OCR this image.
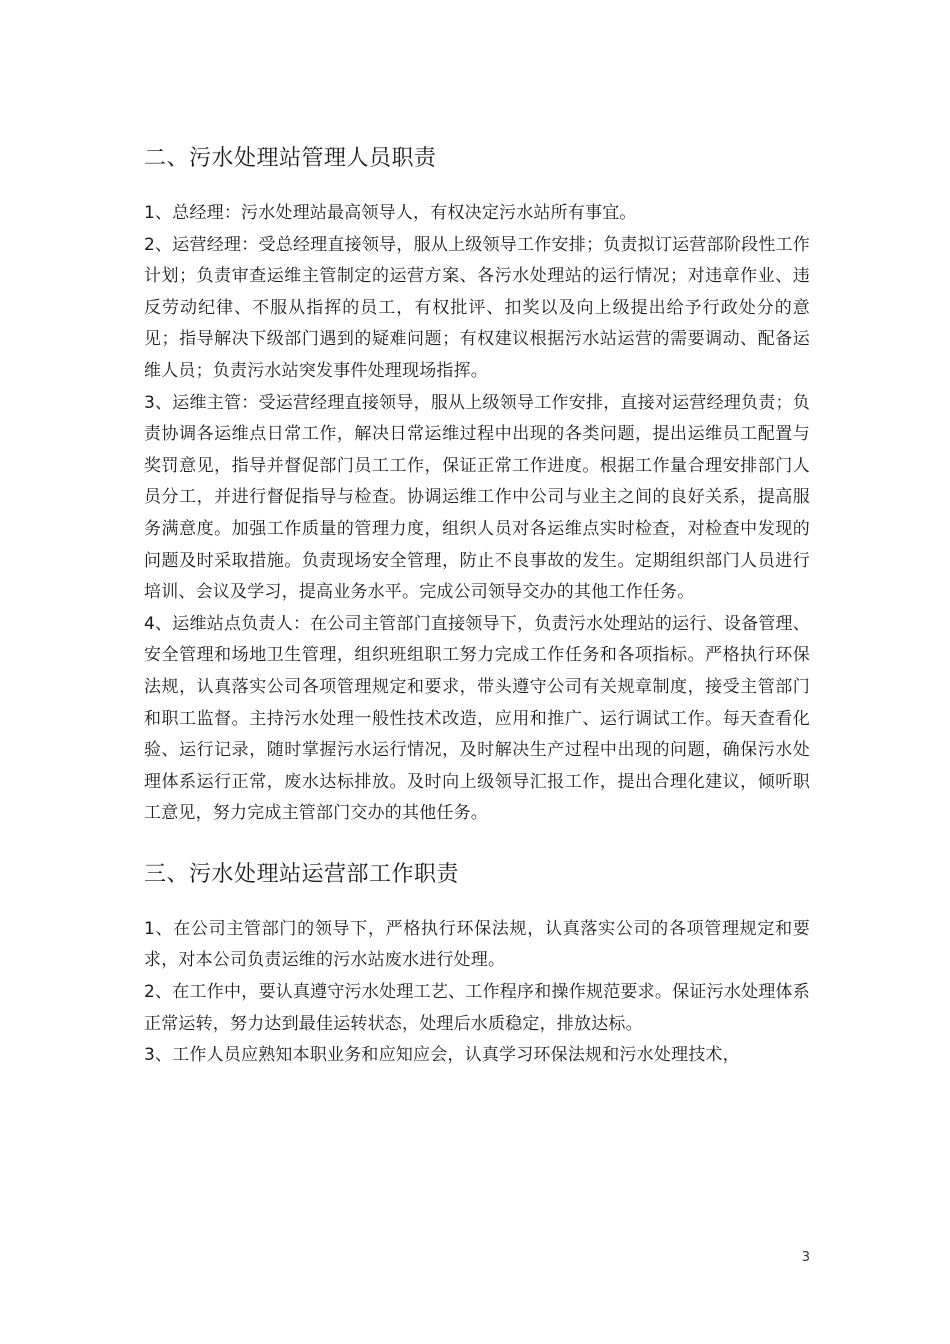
二、污水处理站管理人员职责

1、总经理：污水处理站最高领导人，有权决定污水站所有事宜。

2、运营经理：受总经理直接领导，服从上级领导工作安排；负责拟订运营部阶段性工作计划；负责审查运维主管制定的运营方案、各污水处理站的运行情况；对违章作业、违反劳动纪律、不服从指挥的员工，有权批评、扣奖以及向上级提出给予行政处分的意见；指导解决下级部门遇到的疑难问题；有权建议根据污水站运营的需要调动、配备运维人员；负责污水站突发事件处理现场指挥。

3、运维主管：受运营经理直接领导，服从上级领导工作安排，直接对运营经理负责；负责协调各运维点日常工作，解决日常运维过程中出现的各类问题，提出运维员工配置与奖罚意见，指导并督促部门员工工作，保证正常工作进度。根据工作量合理安排部门人员分工，并进行督促指导与检查。协调运维工作中公司与业主之间的良好关系，提高服务满意度。加强工作质量的管理力度，组织人员对各运维点实时检查，对检查中发现的问题及时采取措施。负责现场安全管理，防止不良事故的发生。定期组织部门人员进行培训、会议及学习，提高业务水平。完成公司领导交办的其他工作任务。

4、运维站点负责人：在公司主管部门直接领导下，负责污水处理站的运行、设备管理、安全管理和场地卫生管理，组织班组职工努力完成工作任务和各项指标。严格执行环保法规，认真落实公司各项管理规定和要求，带头遵守公司有关规章制度，接受主管部门和职工监督。主持污水处理一般性技术改造，应用和推广、运行调试工作。每天查看化验、运行记录，随时掌握污水运行情况，及时解决生产过程中出现的问题，确保污水处理体系运行正常，废水达标排放。及时向上级领导汇报工作，提出合理化建议，倾听职工意见，努力完成主管部门交办的其他任务。

三、污水处理站运营部工作职责

1、在公司主管部门的领导下，严格执行环保法规，认真落实公司的各项管理规定和要求，对本公司负责运维的污水站废水进行处理。

2、在工作中，要认真遵守污水处理工艺、工作程序和操作规范要求。保证污水处理体系正常运转，努力达到最佳运转状态，处理后水质稳定，排放达标。

3、工作人员应熟知本职业务和应知应会，认真学习环保法规和污水处理技术，

3
